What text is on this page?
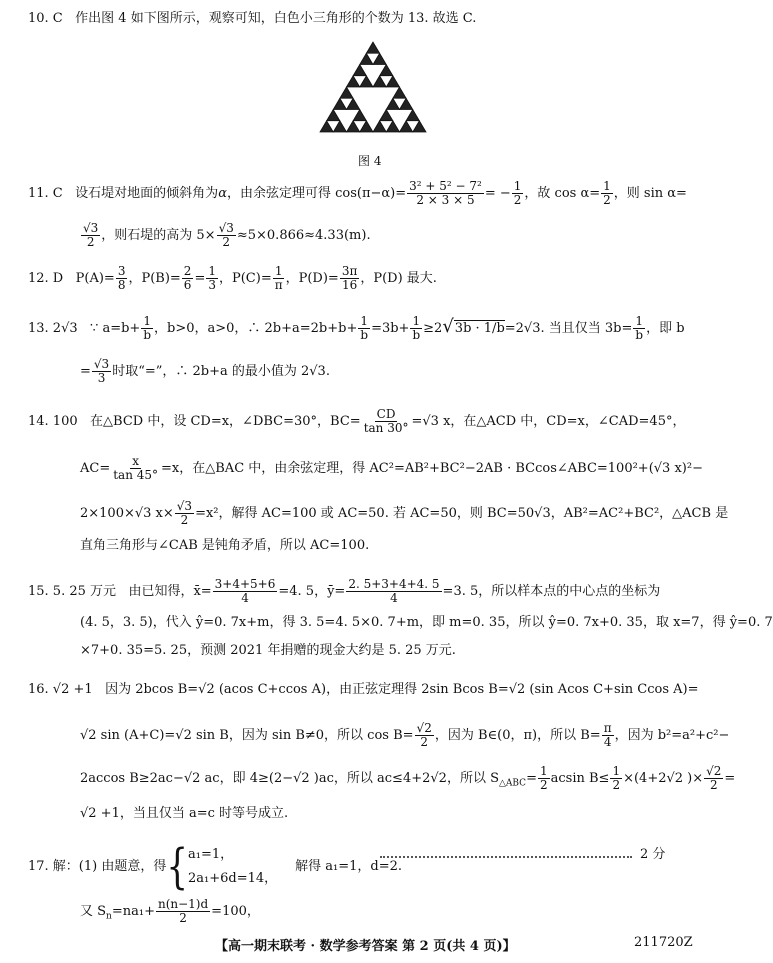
10. C 作出图 4 如下图所示，观察可知，白色小三角形的个数为 13. 故选 C.
图 4
11. C 设石堤对地面的倾斜角为α，由余弦定理可得 $\cos(\pi-\alpha)= \frac{\text{3² + 5² − 7²}}{2 \times 3 \times 5}$ = − $\frac{1}{2}$ ，故 $\cos \alpha= \frac{1}{2}$ ，则 sin α=
$\frac{√3}{2}$ ，则石堤的高为 $5\times \frac{√3}{2} \approx 5\times 0.866\approx 4.33(m)$.
12. D $P(A)= \frac{3}{8}$ ，$P(B)= \frac{2}{6} = \frac{1}{3}$ ，$P(C)= \frac{1}{\pi}$ ，$P(D)= \frac{3\pi}{16}$ ，P(D) 最大.
13. 2√3 ∵ $a=b+ \frac{1}{b}$ ，b>0，a>0，∴ $2b+a=2b+b+ \frac{1}{b} =3b+ \frac{1}{b} \ge 2√3b \cdot 1/b=2√3$. 当且仅当 $3b= \frac{1}{b}$ ，即 b
= $\frac{√3}{3}$ 时取“=”，∴ 2b+a 的最小值为 2√3.
14. 100 在△BCD 中，设 CD=x，∠DBC=30°，$BC= \frac{CD}{\tan 30^\circ} =√3$ x，在△ACD 中，CD=x，∠CAD=45°，
$AC= \frac{x}{\tan 45^\circ} =x$，在△BAC 中，由余弦定理，得 AC²=AB²+BC²−2AB · BCcos∠ABC=100²+(√3 x)²−
2×100×√3 $x\times \frac{√3}{2} =x^2$，解得 AC=100 或 AC=50. 若 AC=50，则 BC=50√3，AB²=AC²+BC²，△ACB 是
直角三角形与∠CAB 是钝角矛盾，所以 AC=100.
15. 5. 25 万元 由已知得，x̄= $\frac{3+4+5+6}{4} =4$. 5，ȳ= $\frac{2. 5+3+4+4. 5}{4} =3$. 5，所以样本点的中心点的坐标为
(4. 5，3. 5)，代入 ŷ=0. 7x+m，得 3. 5=4. 5×0. 7+m，即 m=0. 35，所以 ŷ=0. 7x+0. 35，取 x=7，得 ŷ=0. 7
×7+0. 35=5. 25，预测 2021 年捐赠的现金大约是 5. 25 万元.
16. √2 +1 因为 2bcos B=√2 (acos C+ccos A)，由正弦定理得 2sin Bcos B=√2 (sin Acos C+sin Ccos A)=
√2 sin (A+C)=√2 sin B，因为 sin B≠0，所以 $\cos B= \frac{√2}{2}$ ，因为 B∈(0，π)，所以 $B= \frac{\pi}{4}$ ，因为 b²=a²+c²−
2accos B≥2ac−√2 ac，即 4≥(2−√2 )ac，所以 ac≤4+2√2，所以 $S_{\triangle ABC}= \frac{1}{2}$ acsin $B\le \frac{1}{2} \times(4+2√2$ )× $\frac{√2}{2}$ =
√2 +1，当且仅当 a=c 时等号成立.
17. 解：(1) 由题意，得{ a₁=1，
2a₁+6d=14，
解得 a₁=1，d=2.
2 分
又 $S_n=na_1+ \frac{n(n-1)d}{2} =100$，
【高一期末联考 · 数学参考答案 第 2 页(共 4 页)】	211720Z
